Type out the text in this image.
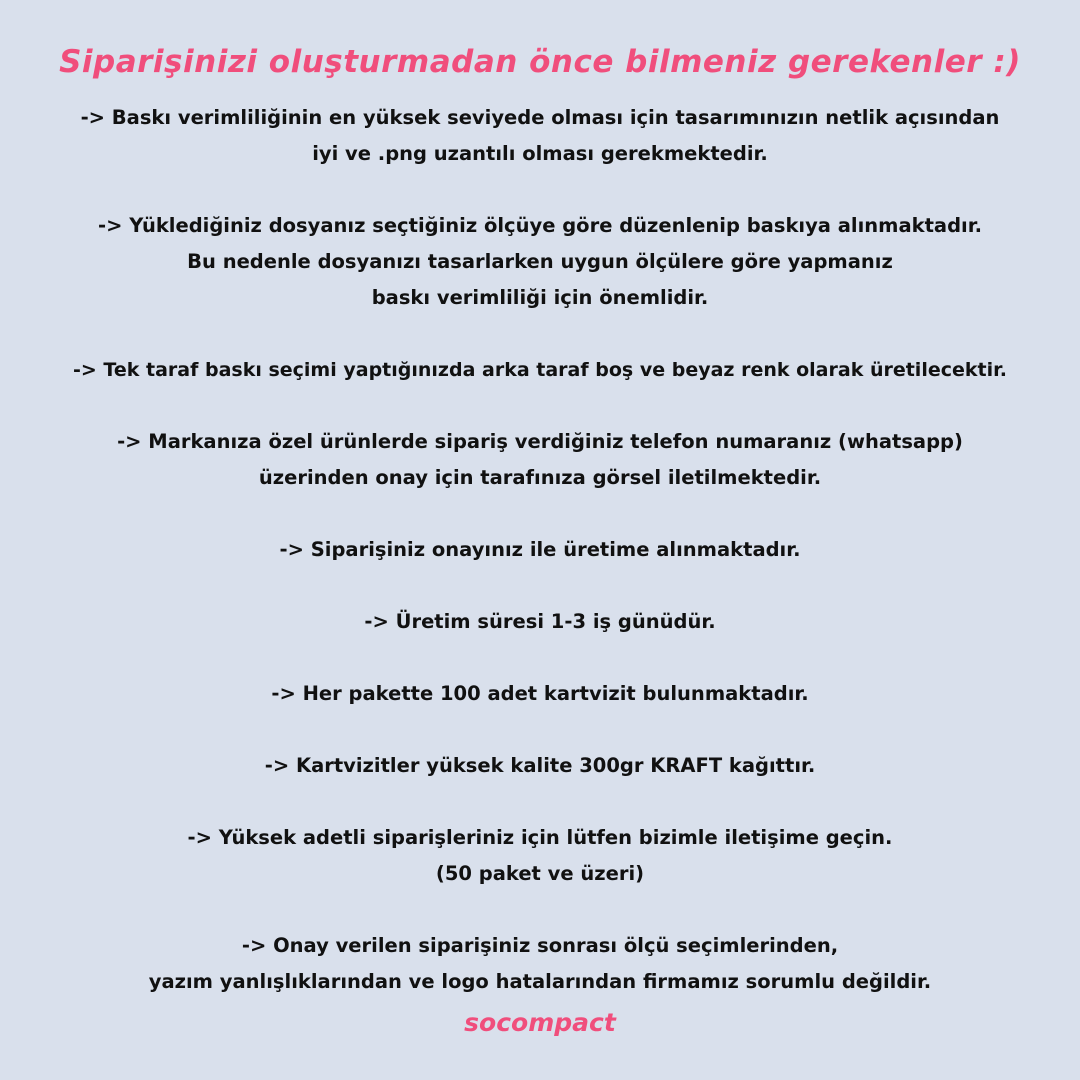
Siparişinizi oluşturmadan önce bilmeniz gerekenler :)
-> Baskı verimliliğinin en yüksek seviyede olması için tasarımınızın netlik açısından
iyi ve .png uzantılı olması gerekmektedir.
-> Yüklediğiniz dosyanız seçtiğiniz ölçüye göre düzenlenip baskıya alınmaktadır.
Bu nedenle dosyanızı tasarlarken uygun ölçülere göre yapmanız
baskı verimliliği için önemlidir.
-> Tek taraf baskı seçimi yaptığınızda arka taraf boş ve beyaz renk olarak üretilecektir.
-> Markanıza özel ürünlerde sipariş verdiğiniz telefon numaranız (whatsapp)
üzerinden onay için tarafınıza görsel iletilmektedir.
-> Siparişiniz onayınız ile üretime alınmaktadır.
-> Üretim süresi 1-3 iş günüdür.
-> Her pakette 100 adet kartvizit bulunmaktadır.
-> Kartvizitler yüksek kalite 300gr KRAFT kağıttır.
-> Yüksek adetli siparişleriniz için lütfen bizimle iletişime geçin.
(50 paket ve üzeri)
-> Onay verilen siparişiniz sonrası ölçü seçimlerinden,
yazım yanlışlıklarından ve logo hatalarından firmamız sorumlu değildir.
socompact
